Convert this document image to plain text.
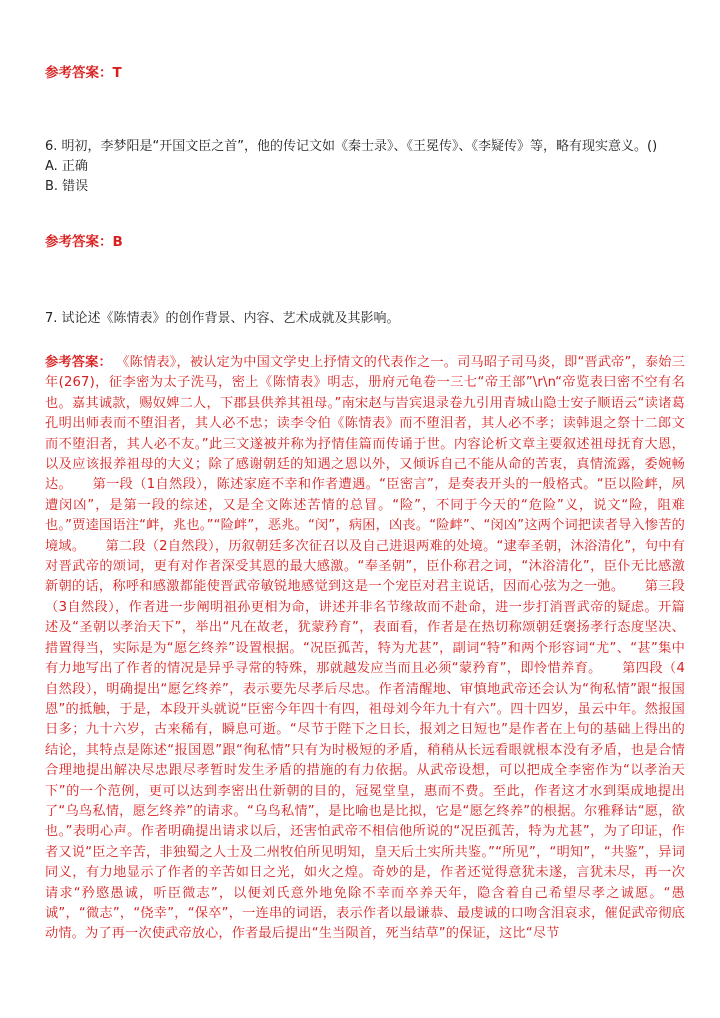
参考答案：T

6. 明初，李梦阳是“开国文臣之首”，他的传记文如《秦士录》、《王冕传》、《李疑传》等，略有现实意义。()

A. 正确
B. 错误
参考答案：B

7. 试论述《陈情表》的创作背景、内容、艺术成就及其影响。

参考答案： 《陈情表》，被认定为中国文学史上抒情文的代表作之一。司马昭子司马炎，即“晋武帝”，泰始三年(267)，征李密为太子洗马，密上《陈情表》明志，册府元龟卷一三七“帝王部”\r\n“帝览表曰密不空有名也。嘉其诚款，赐奴婢二人，下郡县供养其祖母。”南宋赵与旹宾退录卷九引用青城山隐士安子顺语云“读诸葛孔明出师表而不堕泪者，其人必不忠；读李令伯《陈情表》而不堕泪者，其人必不孝；读韩退之祭十二郎文而不堕泪者，其人必不友。”此三文遂被并称为抒情佳篇而传诵于世。内容论析文章主要叙述祖母抚育大恩，以及应该报养祖母的大义；除了感谢朝廷的知遇之恩以外，又倾诉自己不能从命的苦衷，真情流露，委婉畅达。　　第一段（1自然段），陈述家庭不幸和作者遭遇。“臣密言”，是奏表开头的一般格式。“臣以险衅，夙遭闵凶”，是第一段的综述，又是全文陈述苦情的总冒。“险”，不同于今天的“危险”义，说文“险，阻难也。”贾逵国语注“衅，兆也。”“险衅”，恶兆。“闵”，病困，凶丧。“险衅”、“闵凶”这两个词把读者导入惨苦的境域。　　第二段（2自然段），历叙朝廷多次征召以及自己进退两难的处境。“逮奉圣朝，沐浴清化”，句中有对晋武帝的颂词，更有对作者深受其恩的最大感激。“奉圣朝”，臣仆称君之词，“沐浴清化”，臣仆无比感激新朝的话，称呼和感激都能使晋武帝敏锐地感觉到这是一个宠臣对君主说话，因而心弦为之一弛。　　第三段（3自然段），作者进一步阐明祖孙更相为命，讲述并非名节缘故而不赴命，进一步打消晋武帝的疑虑。开篇述及“圣朝以孝治天下”，举出“凡在故老，犹蒙矜育”，表面看，作者是在热切称颂朝廷褒扬孝行态度坚决、措置得当，实际是为“愿乞终养”设置根据。“况臣孤苦，特为尤甚”，副词“特”和两个形容词“尤”、“甚”集中有力地写出了作者的情况是异乎寻常的特殊，那就越发应当而且必须“蒙矜育”，即怜惜养育。　　第四段（4自然段），明确提出“愿乞终养”，表示要先尽孝后尽忠。作者清醒地、审慎地武帝还会认为“徇私情”跟“报国恩”的抵触，于是，本段开头就说“臣密今年四十有四，祖母刘今年九十有六”。四十四岁，虽云中年。然报国日多；九十六岁，古来稀有，瞬息可逝。“尽节于陛下之日长，报刘之日短也”是作者在上句的基础上得出的结论，其特点是陈述“报国恩”跟“徇私情”只有为时极短的矛盾，稍稍从长远看眼就根本没有矛盾，也是合情合理地提出解决尽忠跟尽孝暂时发生矛盾的措施的有力依据。从武帝设想，可以把成全李密作为“以孝治天下”的一个范例，更可以达到李密出仕新朝的目的，冠冕堂皇，惠而不费。至此，作者这才水到渠成地提出了“乌鸟私情，愿乞终养”的请求。“乌鸟私情”，是比喻也是比拟，它是“愿乞终养”的根据。尔雅释诂“愿，欲也。”表明心声。作者明确提出请求以后，还害怕武帝不相信他所说的“况臣孤苦，特为尤甚”，为了印证，作者又说“臣之辛苦，非独蜀之人士及二州牧伯所见明知，皇天后土实所共鉴。”“所见”，“明知”，“共鉴”，异词同义，有力地显示了作者的辛苦如日之光，如火之煌。奇妙的是，作者还觉得意犹未遂，言犹未尽，再一次请求“矜愍愚诚，听臣微志”，以便刘氏意外地免除不幸而卒养天年，隐含着自己希望尽孝之诚愿。“愚诚”，“微志”，“侥幸”，“保卒”，一连串的词语，表示作者以最谦恭、最虔诚的口吻含泪哀求，催促武帝彻底动情。为了再一次使武帝放心，作者最后提出“生当陨首，死当结草”的保证，这比“尽节
